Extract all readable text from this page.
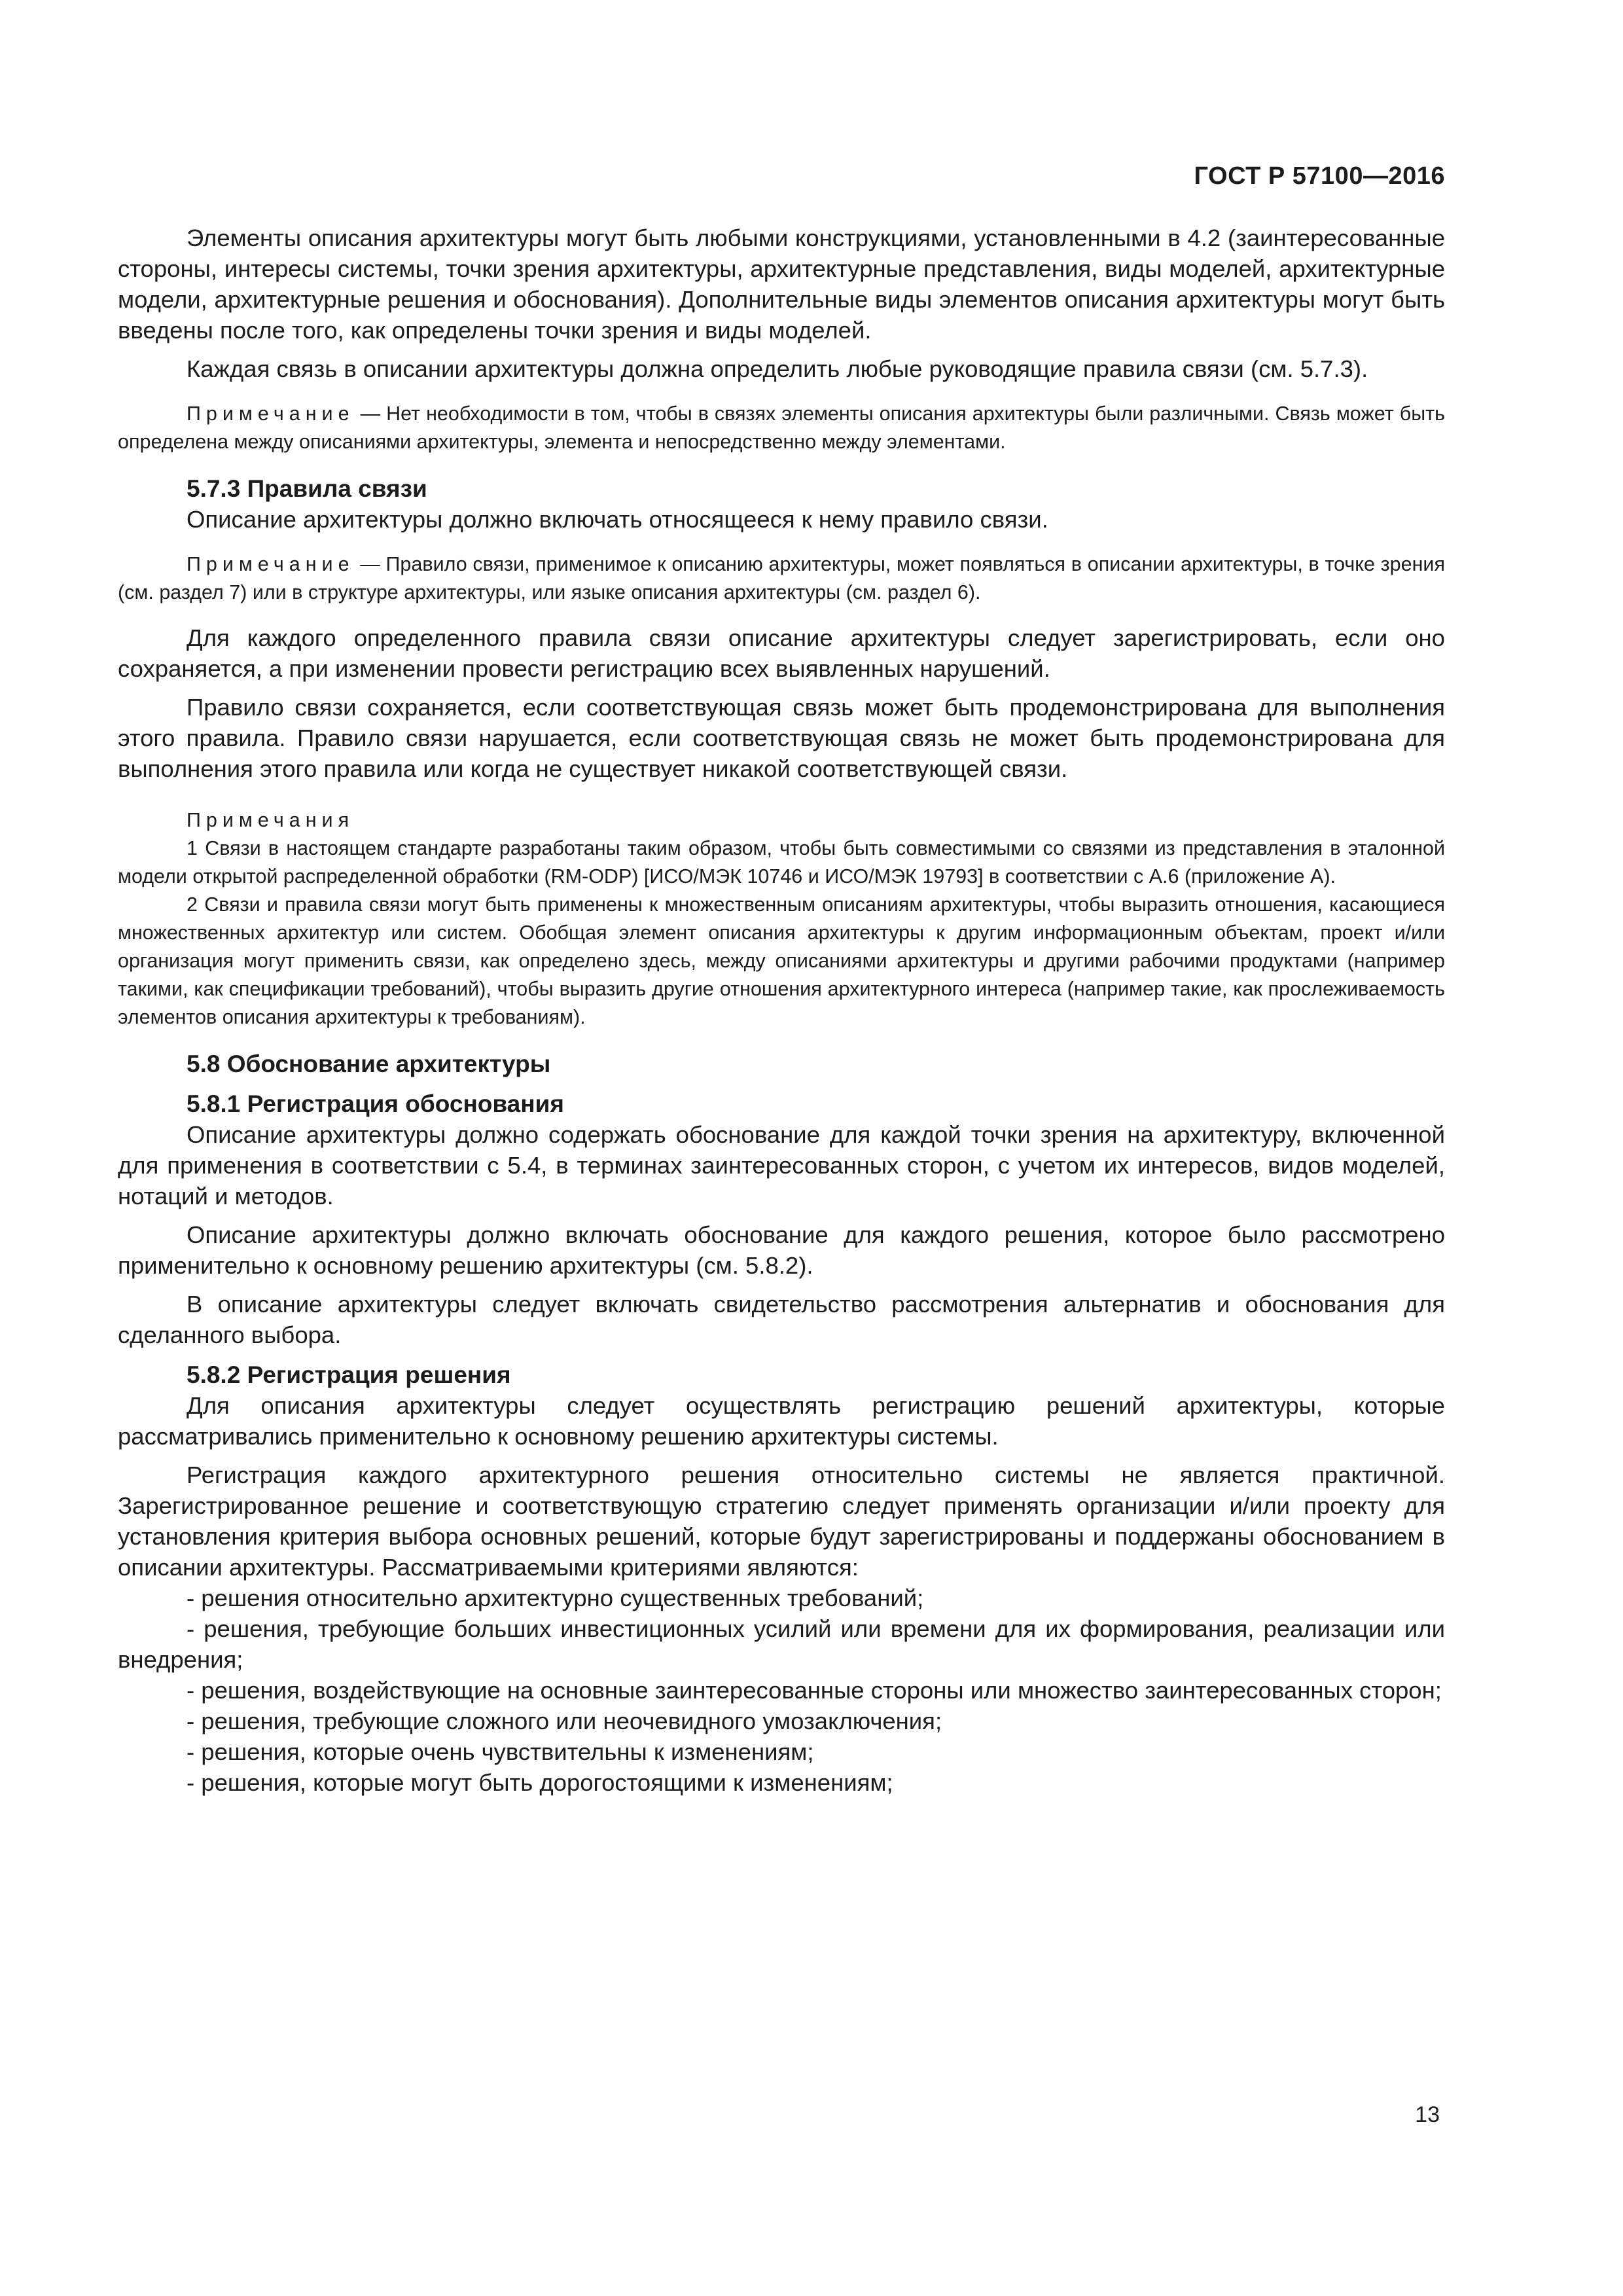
ГОСТ Р 57100—2016

Элементы описания архитектуры могут быть любыми конструкциями, установленными в 4.2 (заинтересованные стороны, интересы системы, точки зрения архитектуры, архитектурные представления, виды моделей, архитектурные модели, архитектурные решения и обоснования). Дополнительные виды элементов описания архитектуры могут быть введены после того, как определены точки зрения и виды моделей.

Каждая связь в описании архитектуры должна определить любые руководящие правила связи (см. 5.7.3).

Примечание — Нет необходимости в том, чтобы в связях элементы описания архитектуры были различными. Связь может быть определена между описаниями архитектуры, элемента и непосредственно между элементами.

5.7.3 Правила связи

Описание архитектуры должно включать относящееся к нему правило связи.

Примечание — Правило связи, применимое к описанию архитектуры, может появляться в описании архитектуры, в точке зрения (см. раздел 7) или в структуре архитектуры, или языке описания архитектуры (см. раздел 6).

Для каждого определенного правила связи описание архитектуры следует зарегистрировать, если оно сохраняется, а при изменении провести регистрацию всех выявленных нарушений.

Правило связи сохраняется, если соответствующая связь может быть продемонстрирована для выполнения этого правила. Правило связи нарушается, если соответствующая связь не может быть продемонстрирована для выполнения этого правила или когда не существует никакой соответствующей связи.

Примечания

1 Связи в настоящем стандарте разработаны таким образом, чтобы быть совместимыми со связями из представления в эталонной модели открытой распределенной обработки (RM-ODP) [ИСО/МЭК 10746 и ИСО/МЭК 19793] в соответствии с А.6 (приложение А).

2 Связи и правила связи могут быть применены к множественным описаниям архитектуры, чтобы выразить отношения, касающиеся множественных архитектур или систем. Обобщая элемент описания архитектуры к другим информационным объектам, проект и/или организация могут применить связи, как определено здесь, между описаниями архитектуры и другими рабочими продуктами (например такими, как спецификации требований), чтобы выразить другие отношения архитектурного интереса (например такие, как прослеживаемость элементов описания архитектуры к требованиям).

5.8 Обоснование архитектуры
5.8.1 Регистрация обоснования

Описание архитектуры должно содержать обоснование для каждой точки зрения на архитектуру, включенной для применения в соответствии с 5.4, в терминах заинтересованных сторон, с учетом их интересов, видов моделей, нотаций и методов.

Описание архитектуры должно включать обоснование для каждого решения, которое было рассмотрено применительно к основному решению архитектуры (см. 5.8.2).

В описание архитектуры следует включать свидетельство рассмотрения альтернатив и обоснования для сделанного выбора.

5.8.2 Регистрация решения

Для описания архитектуры следует осуществлять регистрацию решений архитектуры, которые рассматривались применительно к основному решению архитектуры системы.

Регистрация каждого архитектурного решения относительно системы не является практичной. Зарегистрированное решение и соответствующую стратегию следует применять организации и/или проекту для установления критерия выбора основных решений, которые будут зарегистрированы и поддержаны обоснованием в описании архитектуры. Рассматриваемыми критериями являются:

- решения относительно архитектурно существенных требований;

- решения, требующие больших инвестиционных усилий или времени для их формирования, реализации или внедрения;

- решения, воздействующие на основные заинтересованные стороны или множество заинтересованных сторон;

- решения, требующие сложного или неочевидного умозаключения;

- решения, которые очень чувствительны к изменениям;

- решения, которые могут быть дорогостоящими к изменениям;

13
